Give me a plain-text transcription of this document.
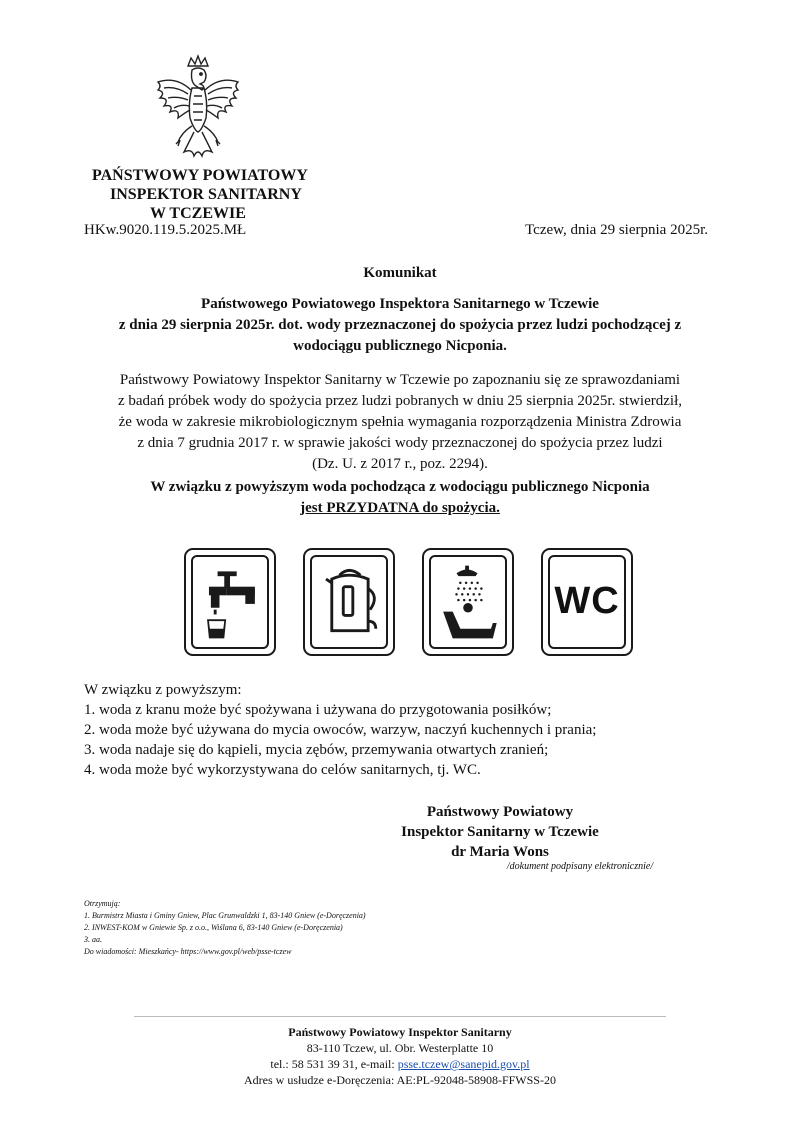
PAŃSTWOWY POWIATOWY
INSPEKTOR SANITARNY
W TCZEWIE
HKw.9020.119.5.2025.MŁ	Tczew, dnia 29 sierpnia 2025r.
Komunikat
Państwowego Powiatowego Inspektora Sanitarnego w Tczewie
z dnia 29 sierpnia 2025r. dot. wody przeznaczonej do spożycia przez ludzi pochodzącej z
wodociągu publicznego Nicponia.
Państwowy Powiatowy Inspektor Sanitarny w Tczewie po zapoznaniu się ze sprawozdaniami
z badań próbek wody do spożycia przez ludzi pobranych w dniu 25 sierpnia 2025r. stwierdził,
że woda w zakresie mikrobiologicznym spełnia wymagania rozporządzenia Ministra Zdrowia
z dnia 7 grudnia 2017 r. w sprawie jakości wody przeznaczonej do spożycia przez ludzi
(Dz. U. z 2017 r., poz. 2294).
W związku z powyższym woda pochodząca z wodociągu publicznego Nicponia
jest PRZYDATNA do spożycia.
WC
W związku z powyższym:
1. woda z kranu może być spożywana i używana do przygotowania posiłków;
2. woda może być używana do mycia owoców, warzyw, naczyń kuchennych i prania;
3. woda nadaje się do kąpieli, mycia zębów, przemywania otwartych zranień;
4. woda może być wykorzystywana do celów sanitarnych, tj. WC.
Państwowy Powiatowy
Inspektor Sanitarny w Tczewie
dr Maria Wons
/dokument podpisany elektronicznie/
Otrzymują:
1. Burmistrz Miasta i Gminy Gniew, Plac Grunwaldzki 1, 83-140 Gniew (e-Doręczenia)
2. INWEST-KOM w Gniewie Sp. z o.o., Wiślana 6, 83-140 Gniew (e-Doręczenia)
3. aa.
Do wiadomości: Mieszkańcy- https://www.gov.pl/web/psse-tczew
Państwowy Powiatowy Inspektor Sanitarny
83-110 Tczew, ul. Obr. Westerplatte 10
tel.: 58 531 39 31, e-mail: psse.tczew@sanepid.gov.pl
Adres w usłudze e-Doręczenia: AE:PL-92048-58908-FFWSS-20
